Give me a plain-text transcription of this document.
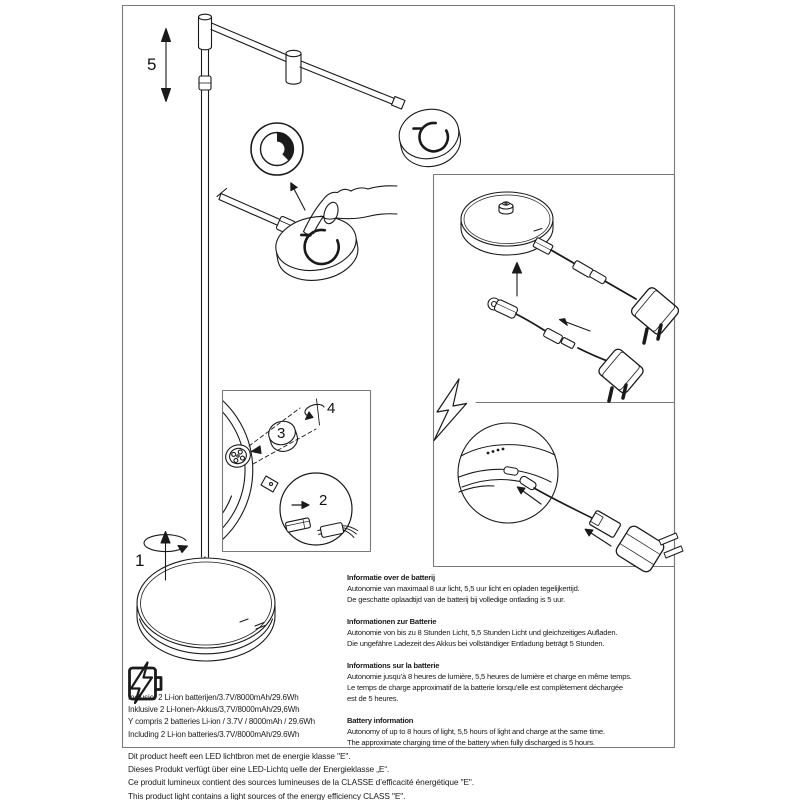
5
1
3
4
2
Inclusief 2 Li-ion batterijen/3.7V/8000mAh/29.6Wh
Inklusive 2 Li-Ionen-Akkus/3,7V/8000mAh/29,6Wh
Y compris 2 batteries Li-ion / 3.7V / 8000mAh / 29.6Wh
Including 2 Li-ion batteries/3.7V/8000mAh/29.6Wh
Informatie over de batterij
Autonomie van maximaal 8 uur licht, 5,5 uur licht en opladen tegelijkertijd.
De geschatte oplaadtijd van de batterij bij volledige ontlading is 5 uur.
Informationen zur Batterie
Autonomie von bis zu 8 Stunden Licht, 5,5 Stunden Licht und gleichzeitiges Aufladen.
Die ungefähre Ladezeit des Akkus bei vollständiger Entladung beträgt 5 Stunden.
Informations sur la batterie
Autonomie jusqu’à 8 heures de lumière, 5,5 heures de lumière et charge en même temps.
Le temps de charge approximatif de la batterie lorsqu’elle est complètement déchargée
est de 5 heures.
Battery information
Autonomy of up to 8 hours of light, 5,5 hours of light and charge at the same time.
The approximate charging time of the battery when fully discharged is 5 hours.
Dit product heeft een LED lichtbron met de energie klasse "E".
Dieses Produkt verfügt über eine LED-Lichtq uelle der Energieklasse „E“.
Ce produit lumineux contient des sources lumineuses de la CLASSE d’efficacité énergétique "E".
This product light contains a light sources of the energy efficiency CLASS "E".
